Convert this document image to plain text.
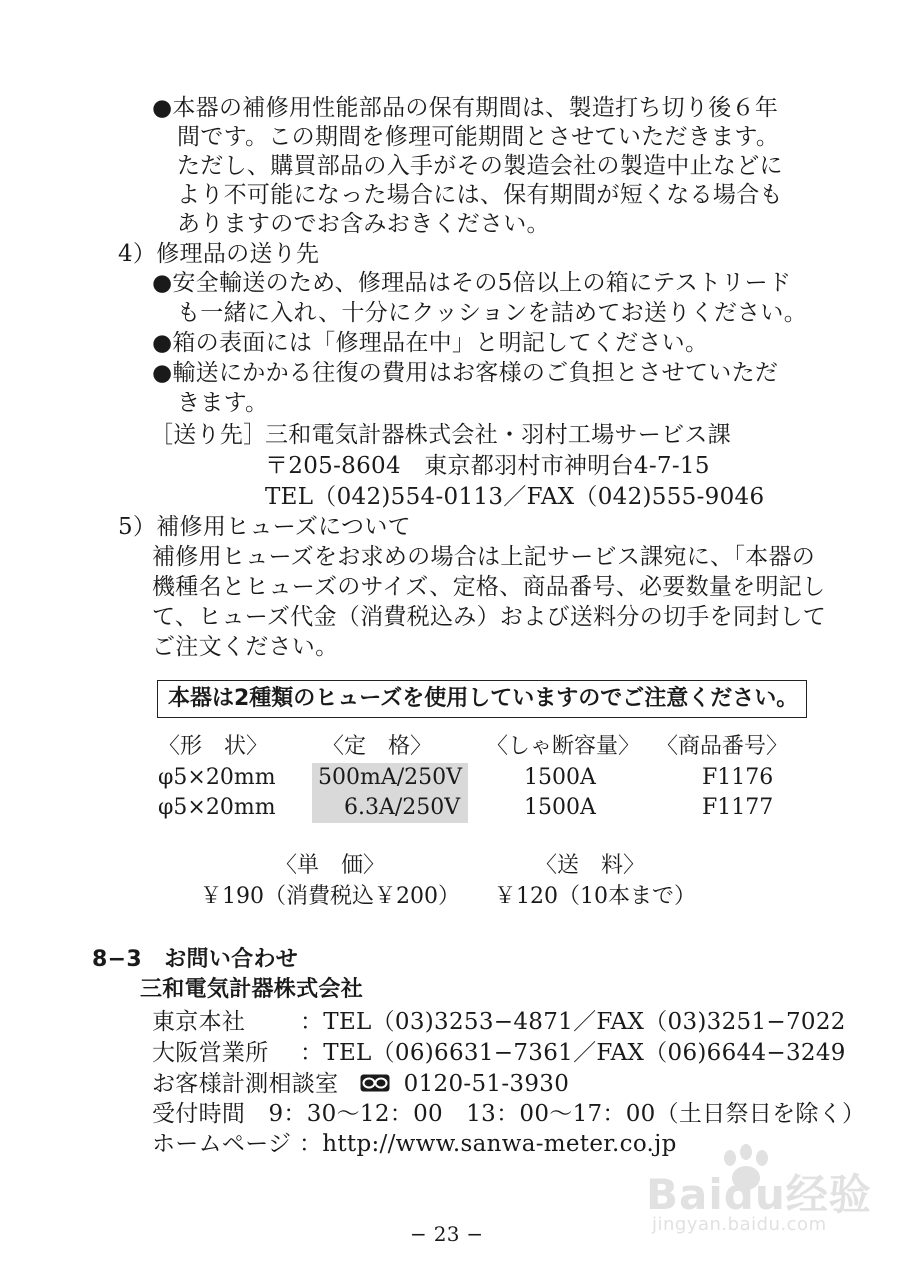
●本器の補修用性能部品の保有期間は、製造打ち切り後６年
間です。この期間を修理可能期間とさせていただきます。
ただし、購買部品の入手がその製造会社の製造中止などに
より不可能になった場合には、保有期間が短くなる場合も
ありますのでお含みおきください。
4）修理品の送り先
●安全輸送のため、修理品はその5倍以上の箱にテストリード
も一緒に入れ、十分にクッションを詰めてお送りください。
●箱の表面には「修理品在中」と明記してください。
●輸送にかかる往復の費用はお客様のご負担とさせていただ
きます。
［送り先］
三和電気計器株式会社・羽村工場サービス課
〒205-8604　東京都羽村市神明台4-7-15
TEL（042)554-0113／FAX（042)555-9046
5）補修用ヒューズについて
補修用ヒューズをお求めの場合は上記サービス課宛に、「本器の
機種名とヒューズのサイズ、定格、商品番号、必要数量を明記し
て、ヒューズ代金（消費税込み）および送料分の切手を同封して
ご注文ください。
本器は2種類のヒューズを使用していますのでご注意ください。
〈形　状〉 〈定　格〉 〈しゃ断容量〉 〈商品番号〉
φ5×20mm 500mA/250V	1500A	F1176
φ5×20mm	6.3A/250V	1500A	F1177
〈単　価〉	〈送　料〉
￥190（消費税込￥200） ￥120（10本まで）
8−3　お問い合わせ
三和電気計器株式会社
東京本社 ：TEL（03)3253−4871／FAX（03)3251−7022
大阪営業所 ：TEL（06)6631−7361／FAX（06)6644−3249
お客様計測相談室	0120-51-3930
受付時間　9：30〜12：00　13：00〜17：00（土日祭日を除く）
ホームページ ：http://www.sanwa-meter.co.jp
− 23 −
Baidu经验
jingyan.baidu.com
